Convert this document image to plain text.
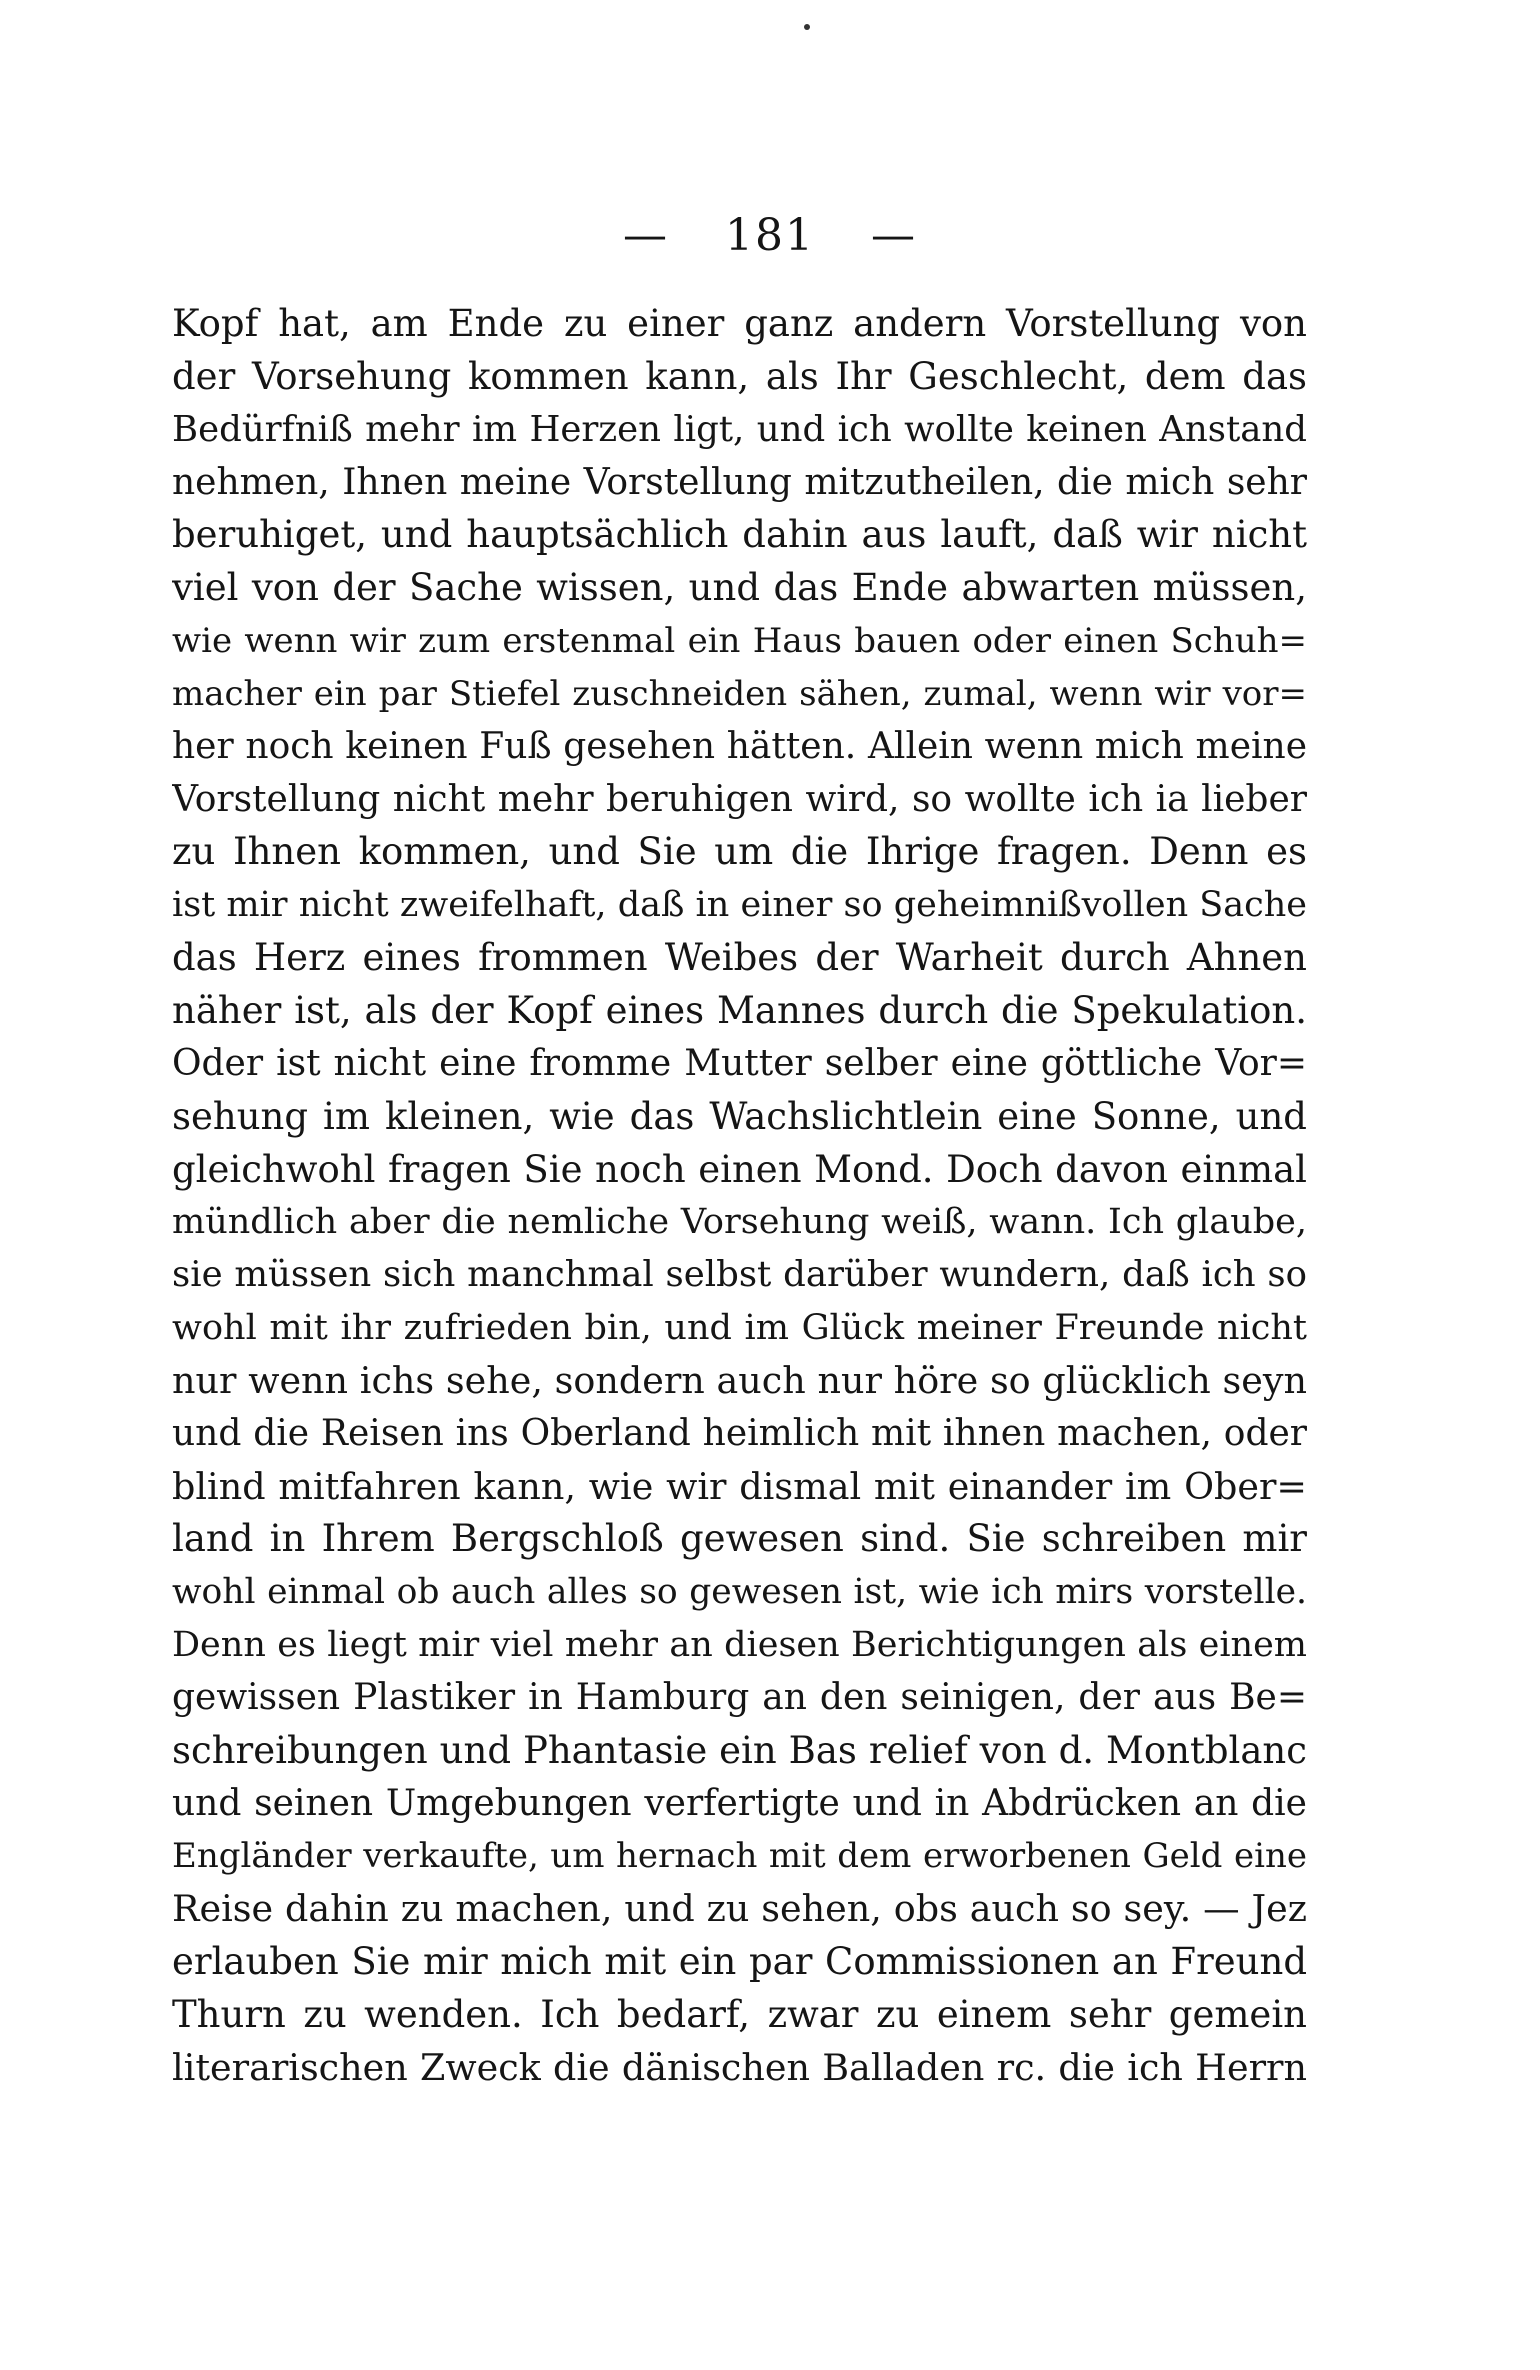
— 181 —
Kopf hat, am Ende zu einer ganz andern Vorstellung von
der Vorsehung kommen kann, als Ihr Geschlecht, dem das
Bedürfniß mehr im Herzen ligt, und ich wollte keinen Anstand
nehmen, Ihnen meine Vorstellung mitzutheilen, die mich sehr
beruhiget, und hauptsächlich dahin aus lauft, daß wir nicht
viel von der Sache wissen, und das Ende abwarten müssen,
wie wenn wir zum erstenmal ein Haus bauen oder einen Schuh=
macher ein par Stiefel zuschneiden sähen, zumal, wenn wir vor=
her noch keinen Fuß gesehen hätten. Allein wenn mich meine
Vorstellung nicht mehr beruhigen wird, so wollte ich ia lieber
zu Ihnen kommen, und Sie um die Ihrige fragen. Denn es
ist mir nicht zweifelhaft, daß in einer so geheimnißvollen Sache
das Herz eines frommen Weibes der Warheit durch Ahnen
näher ist, als der Kopf eines Mannes durch die Spekulation.
Oder ist nicht eine fromme Mutter selber eine göttliche Vor=
sehung im kleinen, wie das Wachslichtlein eine Sonne, und
gleichwohl fragen Sie noch einen Mond. Doch davon einmal
mündlich aber die nemliche Vorsehung weiß, wann. Ich glaube,
sie müssen sich manchmal selbst darüber wundern, daß ich so
wohl mit ihr zufrieden bin, und im Glück meiner Freunde nicht
nur wenn ichs sehe, sondern auch nur höre so glücklich seyn
und die Reisen ins Oberland heimlich mit ihnen machen, oder
blind mitfahren kann, wie wir dismal mit einander im Ober=
land in Ihrem Bergschloß gewesen sind. Sie schreiben mir
wohl einmal ob auch alles so gewesen ist, wie ich mirs vorstelle.
Denn es liegt mir viel mehr an diesen Berichtigungen als einem
gewissen Plastiker in Hamburg an den seinigen, der aus Be=
schreibungen und Phantasie ein Bas relief von d. Montblanc
und seinen Umgebungen verfertigte und in Abdrücken an die
Engländer verkaufte, um hernach mit dem erworbenen Geld eine
Reise dahin zu machen, und zu sehen, obs auch so sey. — Jez
erlauben Sie mir mich mit ein par Commissionen an Freund
Thurn zu wenden. Ich bedarf, zwar zu einem sehr gemein
literarischen Zweck die dänischen Balladen rc. die ich Herrn
